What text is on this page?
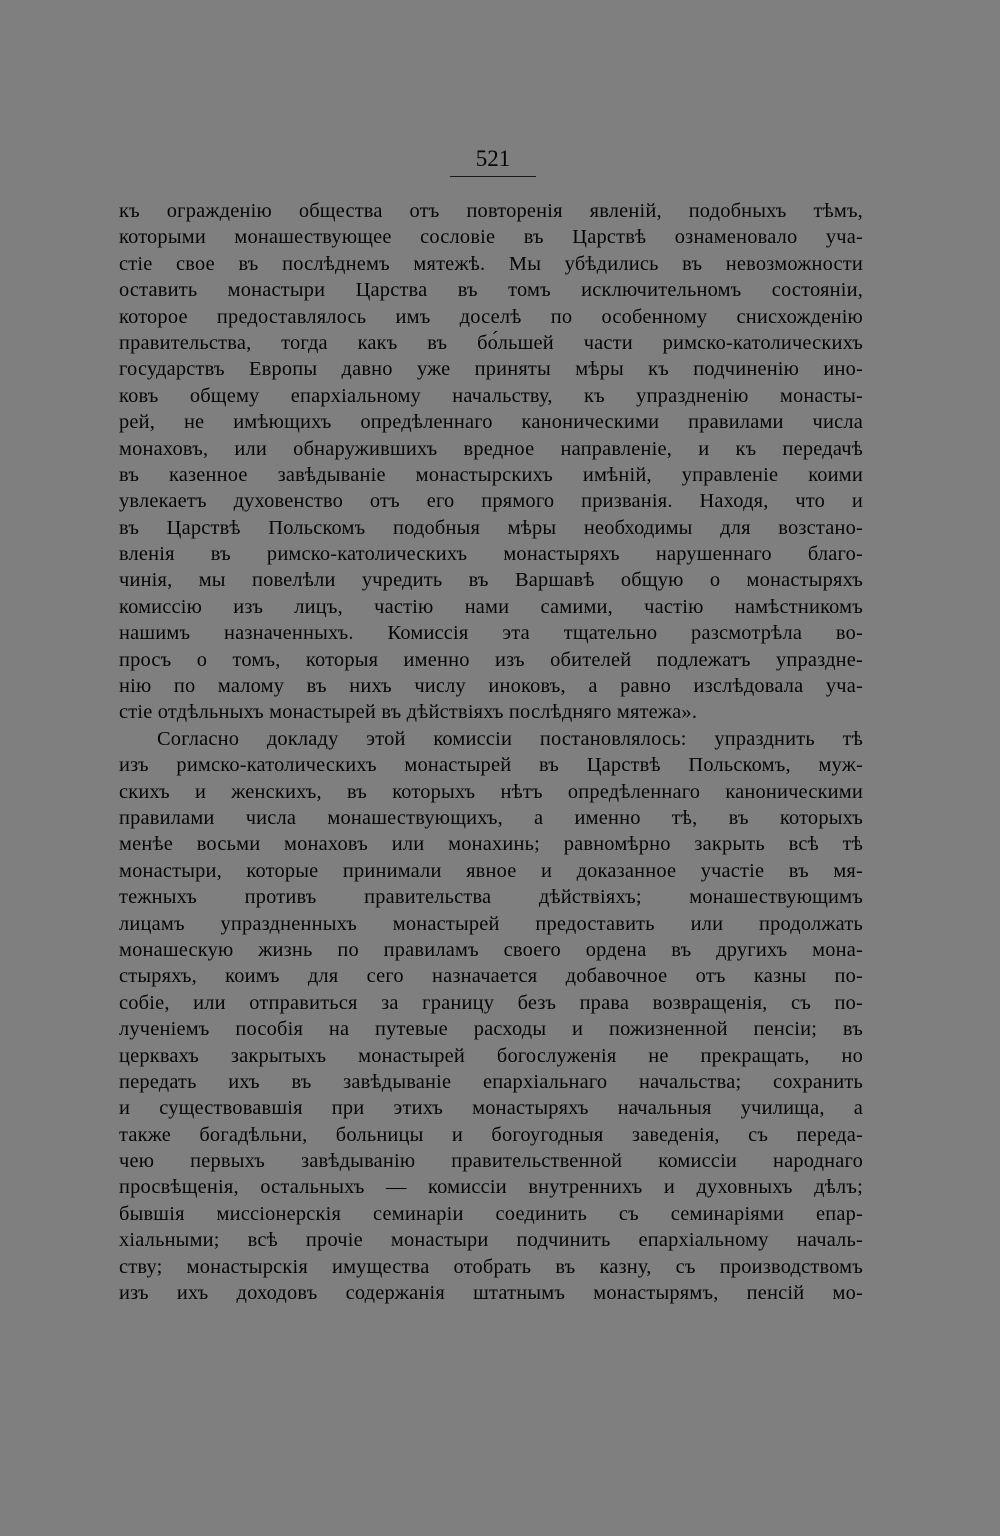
521
къ огражденію общества отъ повторенія явленій, подобныхъ тѣмъ,
которыми монашествующее сословіе въ Царствѣ ознаменовало уча-
стіе свое въ послѣднемъ мятежѣ. Мы убѣдились въ невозможности
оставить монастыри Царства въ томъ исключительномъ состояніи,
которое предоставлялось имъ доселѣ по особенному снисхожденію
правительства, тогда какъ въ бо́льшей части римско-католическихъ
государствъ Европы давно уже приняты мѣры къ подчиненію ино-
ковъ общему епархіальному начальству, къ упраздненію монасты-
рей, не имѣющихъ опредѣленнаго каноническими правилами числа
монаховъ, или обнаружившихъ вредное направленіе, и къ передачѣ
въ казенное завѣдываніе монастырскихъ имѣній, управленіе коими
увлекаетъ духовенство отъ его прямого призванія. Находя, что и
въ Царствѣ Польскомъ подобныя мѣры необходимы для возстано-
вленія въ римско-католическихъ монастыряхъ нарушеннаго благо-
чинія, мы повелѣли учредить въ Варшавѣ общую о монастыряхъ
комиссію изъ лицъ, частію нами самими, частію намѣстникомъ
нашимъ назначенныхъ. Комиссія эта тщательно разсмотрѣла во-
просъ о томъ, которыя именно изъ обителей подлежатъ упраздне-
нію по малому въ нихъ числу иноковъ, а равно изслѣдовала уча-
стіе отдѣльныхъ монастырей въ дѣйствіяхъ послѣдняго мятежа».
Согласно докладу этой комиссіи постановлялось: упразднить тѣ
изъ римско-католическихъ монастырей въ Царствѣ Польскомъ, муж-
скихъ и женскихъ, въ которыхъ нѣтъ опредѣленнаго каноническими
правилами числа монашествующихъ, а именно тѣ, въ которыхъ
менѣе восьми монаховъ или монахинь; равномѣрно закрыть всѣ тѣ
монастыри, которые принимали явное и доказанное участіе въ мя-
тежныхъ противъ правительства дѣйствіяхъ; монашествующимъ
лицамъ упраздненныхъ монастырей предоставить или продолжать
монашескую жизнь по правиламъ своего ордена въ другихъ мона-
стыряхъ, коимъ для сего назначается добавочное отъ казны по-
собіе, или отправиться за границу безъ права возвращенія, съ по-
лученіемъ пособія на путевые расходы и пожизненной пенсіи; въ
церквахъ закрытыхъ монастырей богослуженія не прекращать, но
передать ихъ въ завѣдываніе епархіальнаго начальства; сохранить
и существовавшія при этихъ монастыряхъ начальныя училища, а
также богадѣльни, больницы и богоугодныя заведенія, съ переда-
чею первыхъ завѣдыванію правительственной комиссіи народнаго
просвѣщенія, остальныхъ — комиссіи внутреннихъ и духовныхъ дѣлъ;
бывшія миссіонерскія семинаріи соединить съ семинаріями епар-
хіальными; всѣ прочіе монастыри подчинить епархіальному началь-
ству; монастырскія имущества отобрать въ казну, съ производствомъ
изъ ихъ доходовъ содержанія штатнымъ монастырямъ, пенсій мо-
